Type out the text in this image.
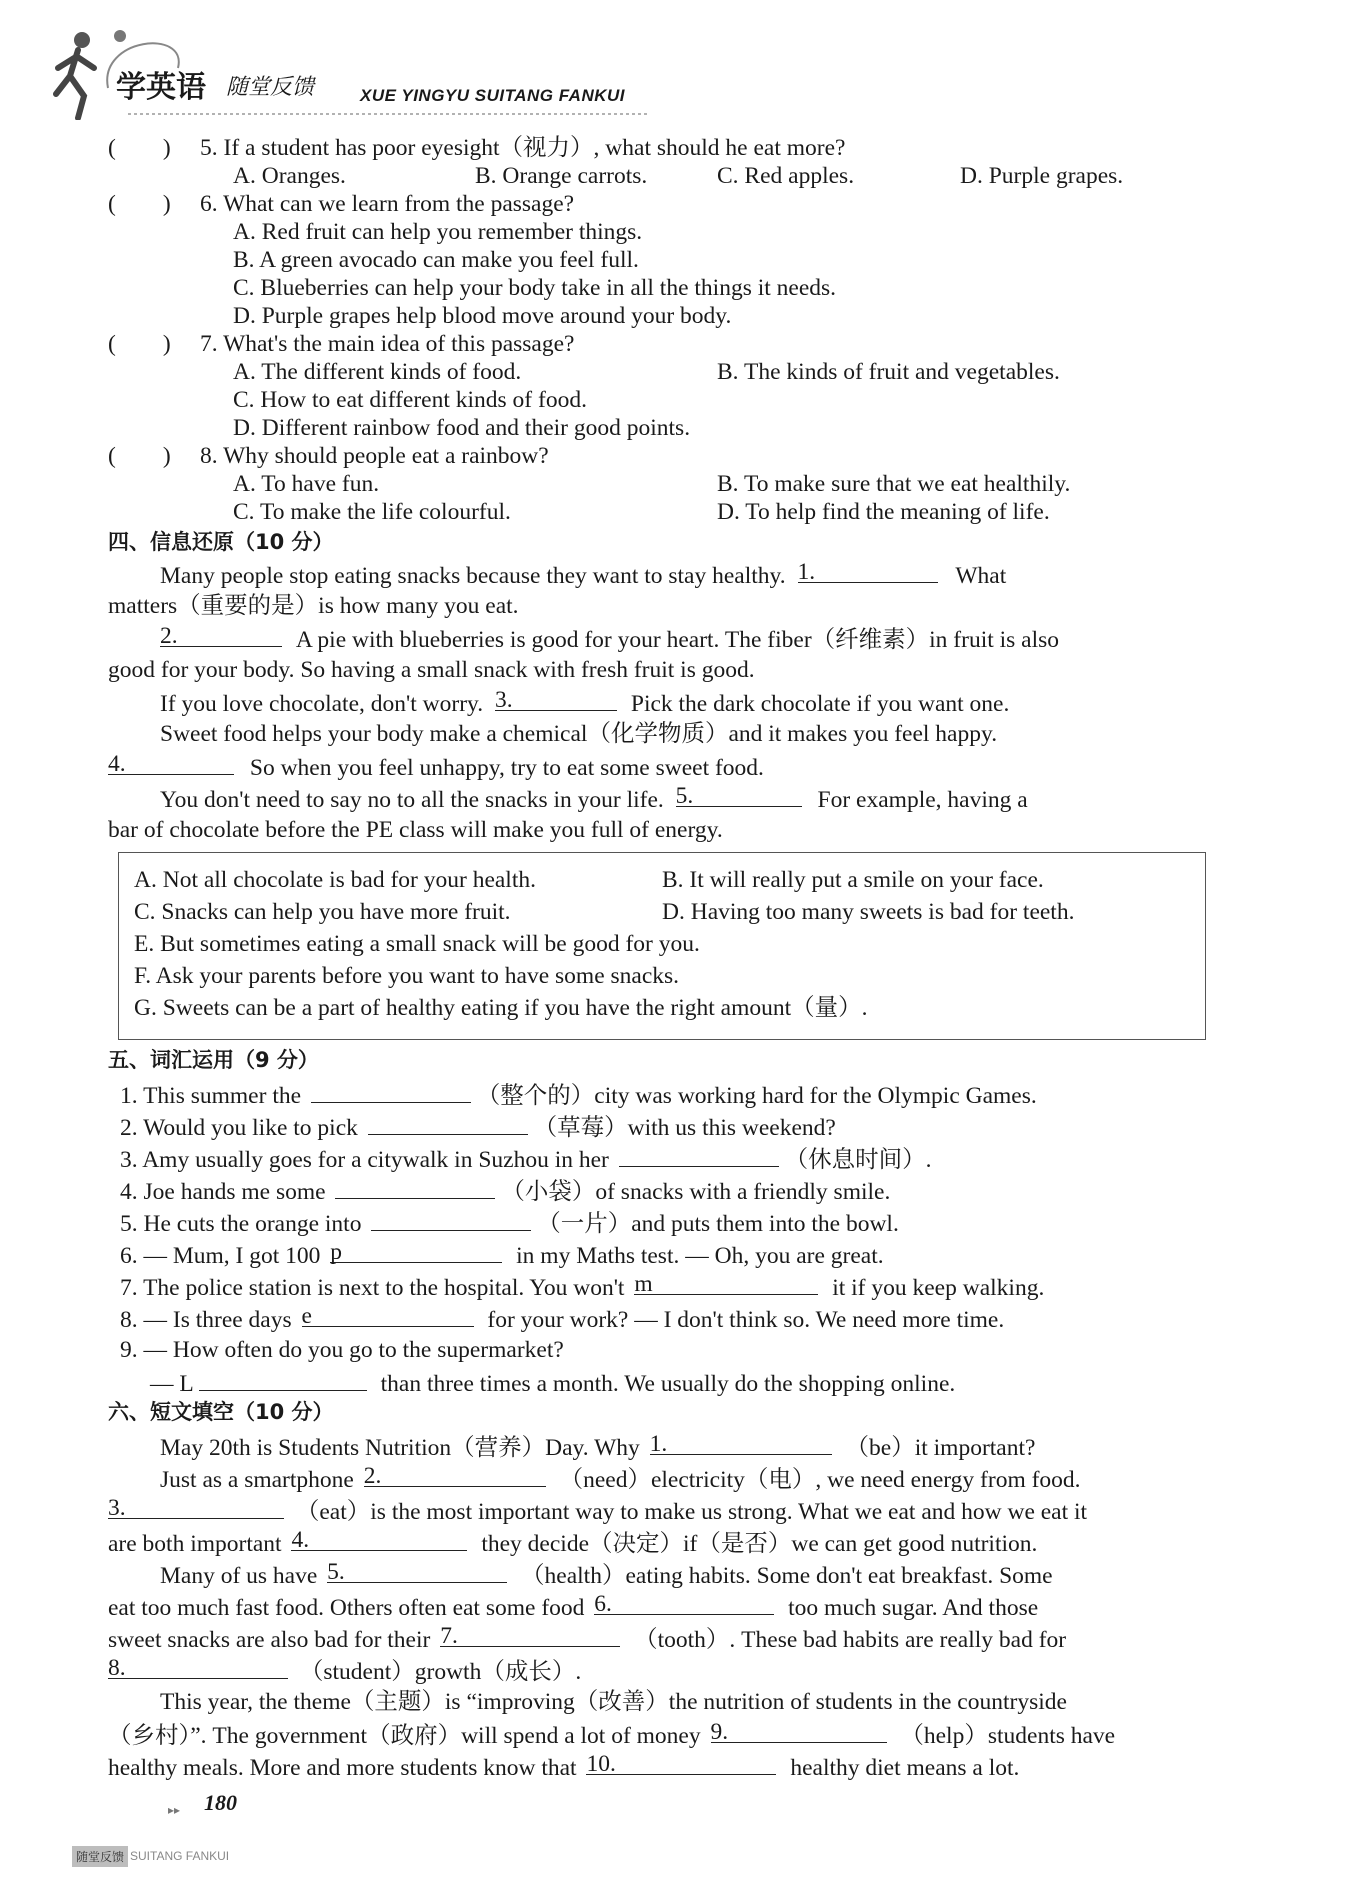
学英语 随堂反馈	XUE YINGYU SUITANG FANKUI
(　　) 5. If a student has poor eyesight（视力）, what should he eat more?
A. Oranges.	B. Orange carrots.	C. Red apples.	D. Purple grapes.
(　　) 6. What can we learn from the passage?
A. Red fruit can help you remember things.
B. A green avocado can make you feel full.
C. Blueberries can help your body take in all the things it needs.
D. Purple grapes help blood move around your body.
(　　) 7. What's the main idea of this passage?
A. The different kinds of food.	B. The kinds of fruit and vegetables.
C. How to eat different kinds of food.
D. Different rainbow food and their good points.
(　　) 8. Why should people eat a rainbow?
A. To have fun.	B. To make sure that we eat healthily.
C. To make the life colourful.	D. To help find the meaning of life.
四、信息还原（10 分）
Many people stop eating snacks because they want to stay healthy. 1.	What
matters（重要的是）is how many you eat.
2.	A pie with blueberries is good for your heart. The fiber（纤维素）in fruit is also
good for your body. So having a small snack with fresh fruit is good.
If you love chocolate, don't worry. 3.	Pick the dark chocolate if you want one.
Sweet food helps your body make a chemical（化学物质）and it makes you feel happy.
4.	So when you feel unhappy, try to eat some sweet food.
You don't need to say no to all the snacks in your life. 5.	For example, having a
bar of chocolate before the PE class will make you full of energy.
A. Not all chocolate is bad for your health.	B. It will really put a smile on your face.
C. Snacks can help you have more fruit.	D. Having too many sweets is bad for teeth.
E. But sometimes eating a small snack will be good for you.
F. Ask your parents before you want to have some snacks.
G. Sweets can be a part of healthy eating if you have the right amount（量）.
五、词汇运用（9 分）
1. This summer the	（整个的）city was working hard for the Olympic Games.
2. Would you like to pick	（草莓）with us this weekend?
3. Amy usually goes for a citywalk in Suzhou in her	（休息时间）.
4. Joe hands me some	（小袋）of snacks with a friendly smile.
5. He cuts the orange into	（一片）and puts them into the bowl.
6. — Mum, I got 100 p	in my Maths test. — Oh, you are great.
7. The police station is next to the hospital. You won't m	it if you keep walking.
8. — Is three days e	for your work? — I don't think so. We need more time.
9. — How often do you go to the supermarket?
— L	than three times a month. We usually do the shopping online.
六、短文填空（10 分）
May 20th is Students Nutrition（营养）Day. Why 1.	（be）it important?
Just as a smartphone 2.	（need）electricity（电）, we need energy from food.
3.	（eat）is the most important way to make us strong. What we eat and how we eat it
are both important 4.	they decide（决定）if（是否）we can get good nutrition.
Many of us have 5.	（health）eating habits. Some don't eat breakfast. Some
eat too much fast food. Others often eat some food 6.	too much sugar. And those
sweet snacks are also bad for their 7.	（tooth）. These bad habits are really bad for
8.	（student）growth（成长）.
This year, the theme（主题）is “improving（改善）the nutrition of students in the countryside
（乡村）”. The government（政府）will spend a lot of money 9.	（help）students have
healthy meals. More and more students know that 10.	healthy diet means a lot.
▸▸ 180
随堂反馈 SUITANG FANKUI
